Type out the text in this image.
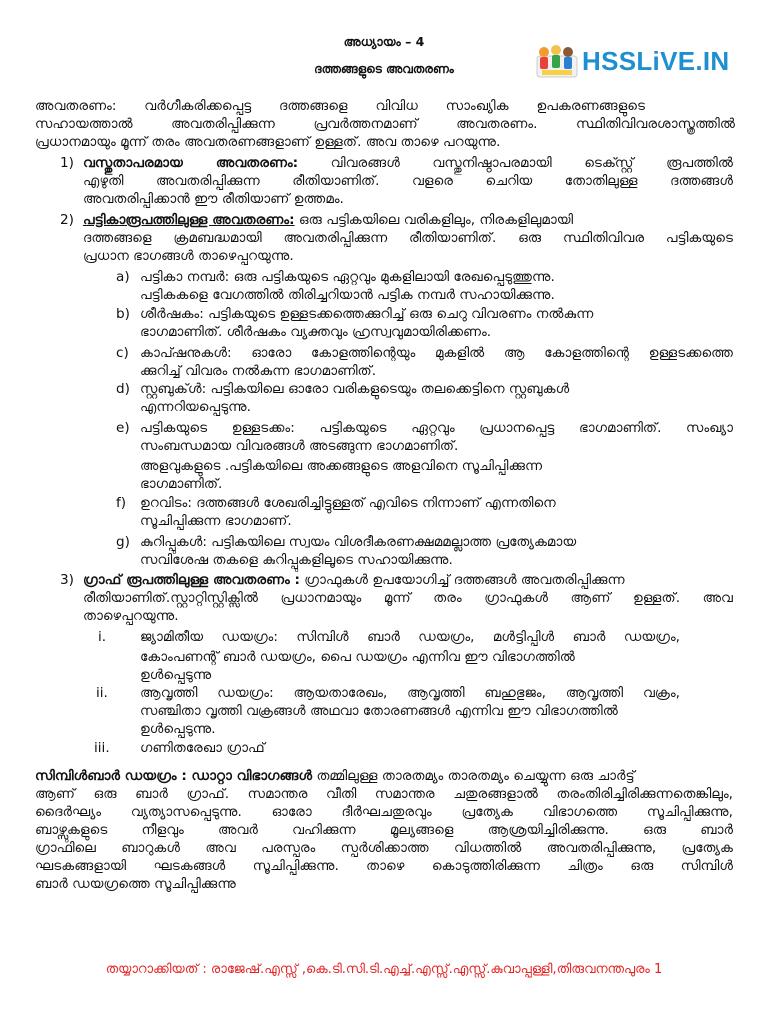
അധ്യായം – 4
ദത്തങ്ങളുടെ അവതരണം	HSSLiVE.IN
അവതരണം: വർഗീകരിക്കപ്പെട്ട ദത്തങ്ങളെ വിവിധ സാംഖ്യിക ഉപകരണങ്ങളുടെ
സഹായത്താൽ അവതരിപ്പിക്കുന്ന പ്രവർത്തനമാണ് അവതരണം. സ്ഥിതിവിവരശാസ്ത്രത്തിൽ
പ്രധാനമായും മൂന്ന് തരം അവതരണങ്ങളാണ് ഉള്ളത്. അവ താഴെ പറയുന്നു.
1) വസ്തുതാപരമായ അവതരണം: വിവരങ്ങൾ വസ്തുനിഷ്ഠാപരമായി ടെക്സ്റ്റ് രൂപത്തിൽ
എഴുതി അവതരിപ്പിക്കുന്ന രീതിയാണിത്. വളരെ ചെറിയ തോതിലുള്ള ദത്തങ്ങൾ
അവതരിപ്പിക്കാൻ ഈ രീതിയാണ് ഉത്തമം.
2) പട്ടികാരൂപത്തിലുള്ള അവതരണം: ഒരു പട്ടികയിലെ വരികളിലും, നിരകളിലുമായി
ദത്തങ്ങളെ ക്രമബദ്ധമായി അവതരിപ്പിക്കുന്ന രീതിയാണിത്. ഒരു സ്ഥിതിവിവര പട്ടികയുടെ
പ്രധാന ഭാഗങ്ങൾ താഴെപ്പറയുന്നു.
a) പട്ടികാ നമ്പർ: ഒരു പട്ടികയുടെ ഏറ്റവും മുകളിലായി രേഖപ്പെടുത്തുന്നു.
പട്ടികകളെ വേഗത്തിൽ തിരിച്ചറിയാൻ പട്ടിക നമ്പർ സഹായിക്കുന്നു.
b) ശീർഷകം: പട്ടികയുടെ ഉള്ളടക്കത്തെക്കുറിച്ച് ഒരു ചെറു വിവരണം നൽകുന്ന
ഭാഗമാണിത്. ശീർഷകം വ്യക്തവും ഹ്രസ്വവുമായിരിക്കണം.
c) കാപ്ഷനുകൾ: ഓരോ കോളത്തിന്റെയും മുകളിൽ ആ കോളത്തിന്റെ ഉള്ളടക്കത്തെ
ക്കുറിച്ച് വിവരം നൽകുന്ന ഭാഗമാണിത്.
d) സ്റ്റബുക്ൾ: പട്ടികയിലെ ഓരോ വരികളുടെയും തലക്കെട്ടിനെ സ്റ്റബുകൾ
എന്നറിയപ്പെടുന്നു.
e) പട്ടികയുടെ ഉള്ളടക്കം: പട്ടികയുടെ ഏറ്റവും പ്രധാനപ്പെട്ട ഭാഗമാണിത്. സംഖ്യാ
സംബന്ധമായ വിവരങ്ങൾ അടങ്ങുന്ന ഭാഗമാണിത്.
അളവുകളുടെ .പട്ടികയിലെ അക്കങ്ങളുടെ അളവിനെ സൂചിപ്പിക്കുന്ന
ഭാഗമാണിത്.
f) ഉറവിടം: ദത്തങ്ങൾ ശേഖരിച്ചിട്ടുള്ളത് എവിടെ നിന്നാണ് എന്നതിനെ
സൂചിപ്പിക്കുന്ന ഭാഗമാണ്.
g) കുറിപ്പുകൾ: പട്ടികയിലെ സ്വയം വിശദീകരണക്ഷമമല്ലാത്ത പ്രത്യേകമായ
സവിശേഷ തകളെ കുറിപ്പുകളിലൂടെ സഹായിക്കുന്നു.
3) ഗ്രാഫ് രൂപത്തിലുള്ള അവതരണം : ഗ്രാഫുകൾ ഉപയോഗിച്ച് ദത്തങ്ങൾ അവതരിപ്പിക്കുന്ന
രീതിയാണിത്.സ്റ്റാറ്റിസ്റ്റിക്സിൽ പ്രധാനമായും മൂന്ന് തരം ഗ്രാഫുകൾ ആണ് ഉള്ളത്. അവ
താഴെപ്പറയുന്നു.
i. ജ്യാമിതീയ ഡയഗ്രം: സിമ്പിൾ ബാർ ഡയഗ്രം, മൾട്ടിപ്പിൾ ബാർ ഡയഗ്രം,
കോംപണന്റ് ബാർ ഡയഗ്രം, പൈ ഡയഗ്രം എന്നിവ ഈ വിഭാഗത്തിൽ
ഉൾപ്പെടുന്നു
ii. ആവൃത്തി ഡയഗ്രം: ആയതാരേഖം, ആവൃത്തി ബഹുഭുജം, ആവൃത്തി വക്രം,
സഞ്ചിതാ വൃത്തി വക്രങ്ങൾ അഥവാ തോരണങ്ങൾ എന്നിവ ഈ വിഭാഗത്തിൽ
ഉൾപ്പെടുന്നു.
iii. ഗണിതരേഖാ ഗ്രാഫ്
സിമ്പിൾബാർ ഡയഗ്രം : ഡാറ്റാ വിഭാഗങ്ങൾ തമ്മിലുള്ള താരതമ്യം താരതമ്യം ചെയ്യുന്ന ഒരു ചാർട്ട്
ആണ് ഒരു ബാർ ഗ്രാഫ്. സമാന്തര വീതി സമാന്തര ചതുരങ്ങളാൽ തരംതിരിച്ചിരിക്കുന്നതെങ്കിലും,
ദൈർഘ്യം വ്യത്യാസപ്പെടുന്നു. ഓരോ ദീർഘചതുരവും പ്രത്യേക വിഭാഗത്തെ സൂചിപ്പിക്കുന്നു,
ബാഴ്സുകളുടെ നീളവും അവർ വഹിക്കുന്ന മൂല്യങ്ങളെ ആശ്രയിച്ചിരിക്കുന്നു. ഒരു ബാർ
ഗ്രാഫിലെ ബാറുകൾ അവ പരസ്പരം സ്പർശിക്കാത്ത വിധത്തിൽ അവതരിപ്പിക്കുന്നു, പ്രത്യേക
ഘടകങ്ങളായി ഘടകങ്ങൾ സൂചിപ്പിക്കുന്നു. താഴെ കൊടുത്തിരിക്കുന്ന ചിത്രം ഒരു സിമ്പിൾ
ബാർ ഡയഗ്രത്തെ സൂചിപ്പിക്കുന്നു
തയ്യാറാക്കിയത് : രാജേഷ്.എസ്സ് ,കെ.ടി.സി.ടി.എച്ച്.എസ്സ്.എസ്സ്.കുവാപ്പള്ളി,തിരുവനന്തപുരം 1
